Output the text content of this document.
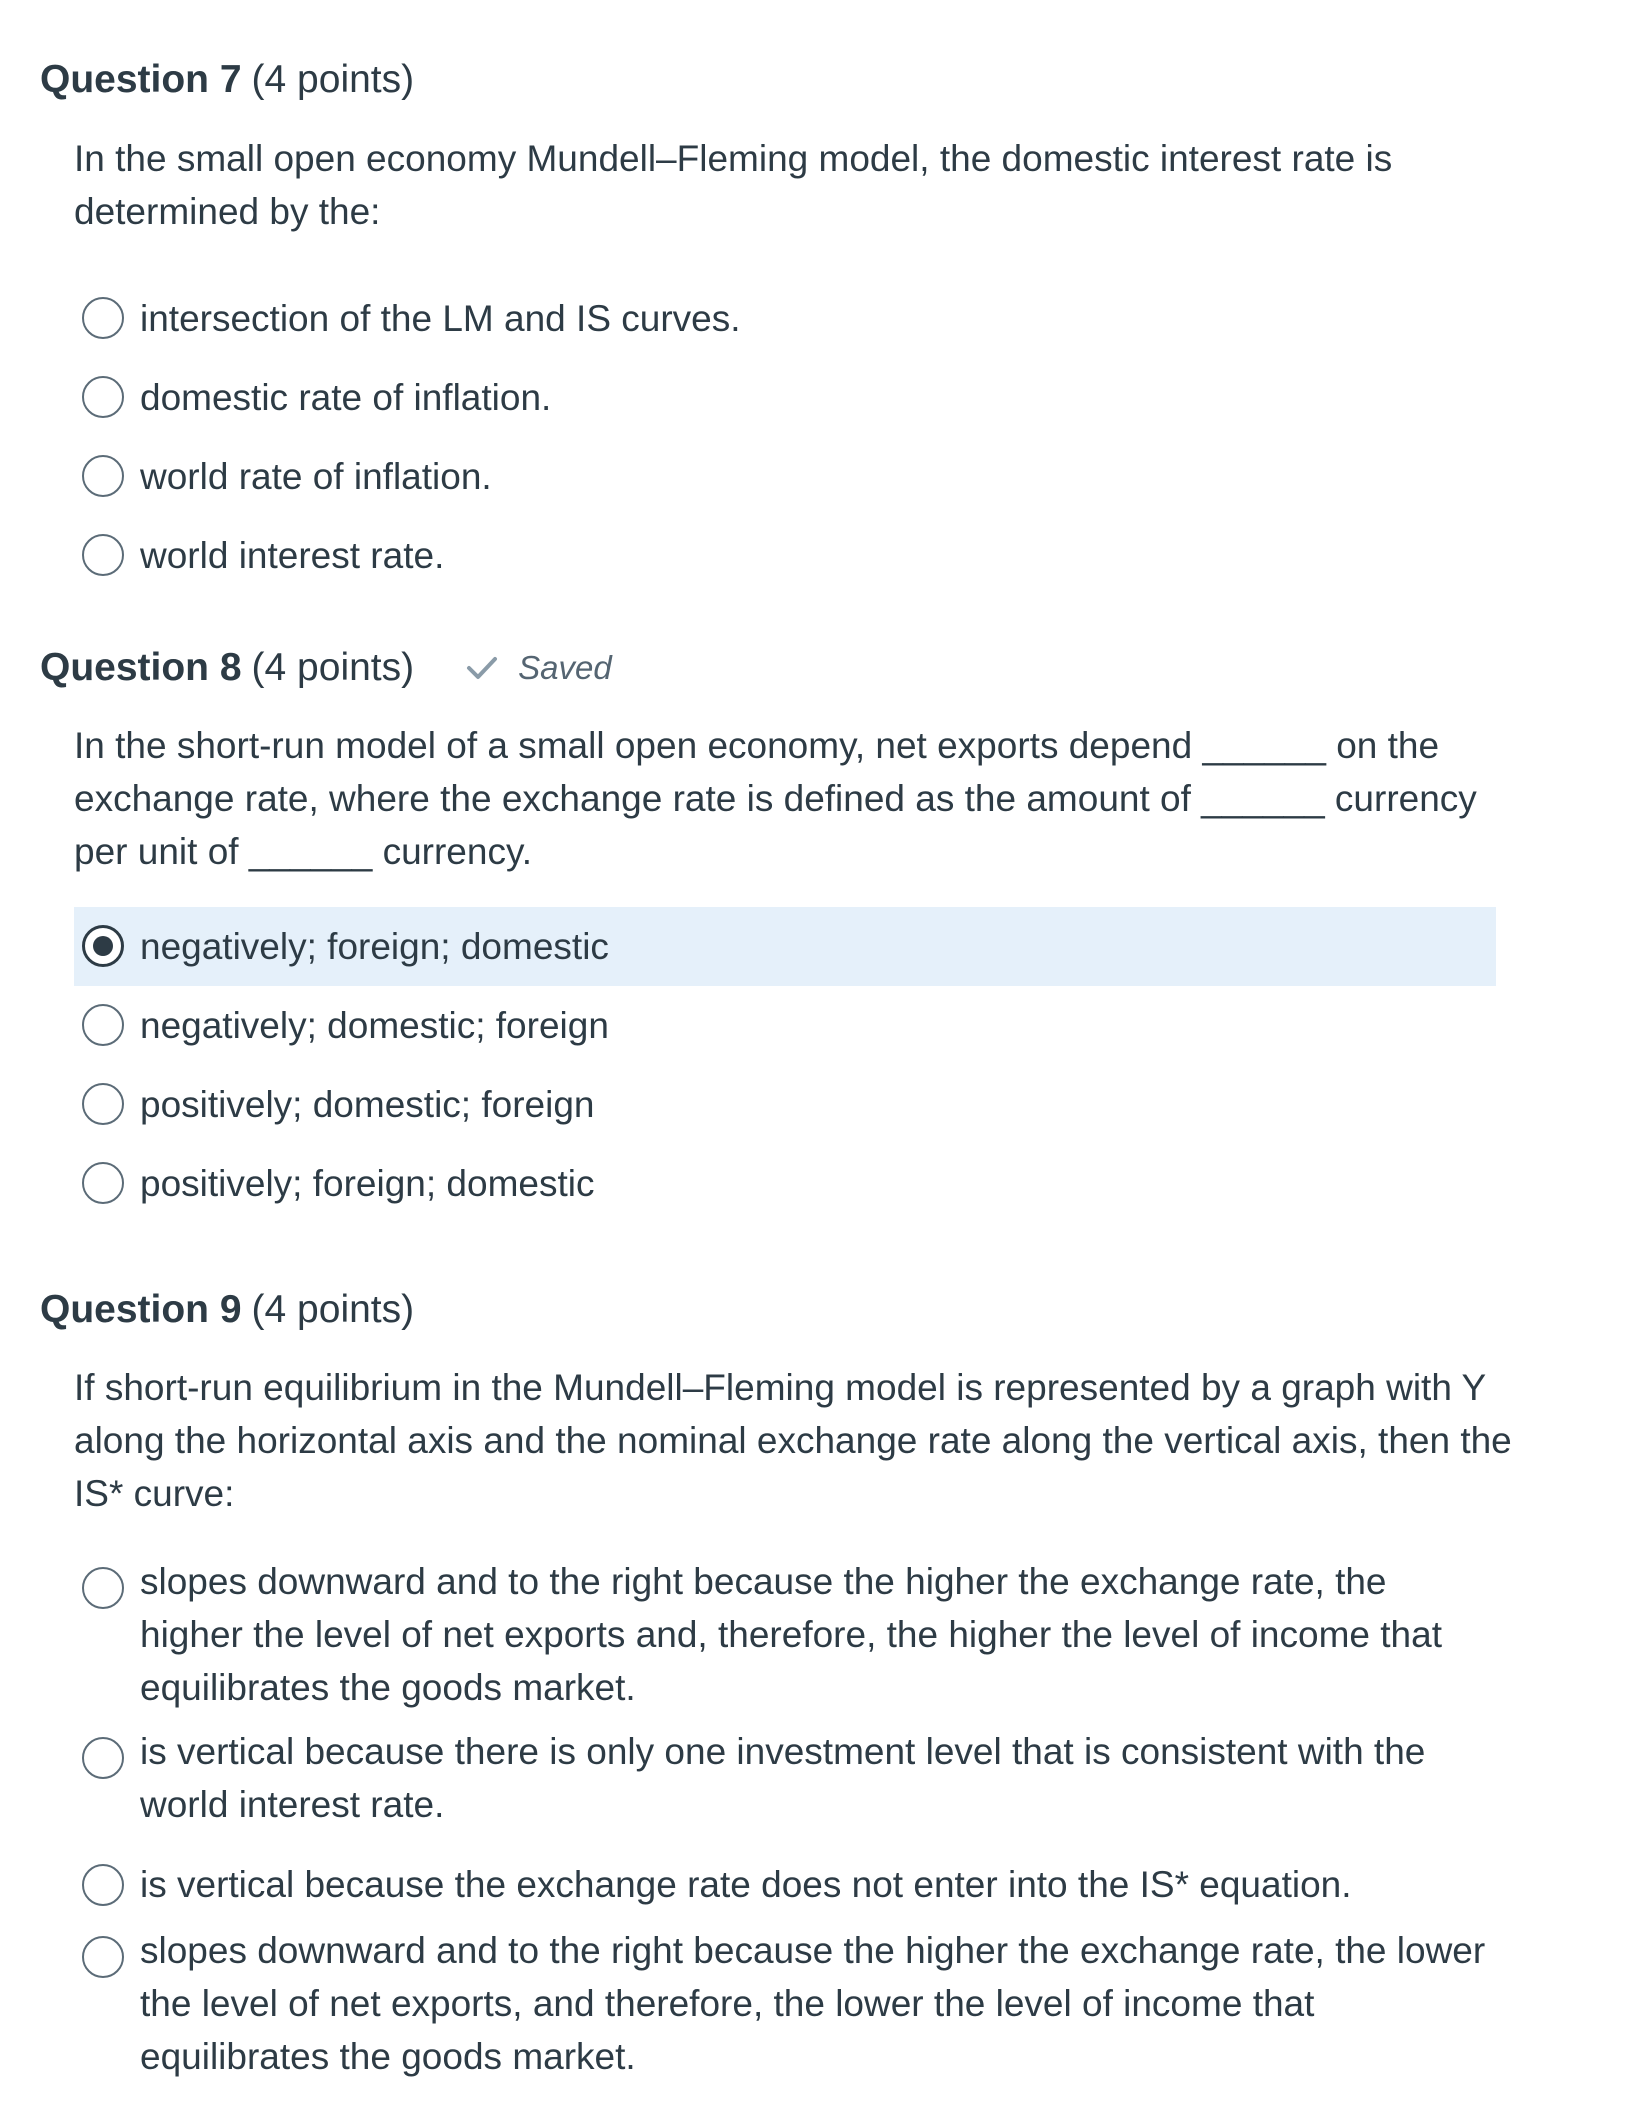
Question 7 (4 points)

In the small open economy Mundell–Fleming model, the domestic interest rate is determined by the:

intersection of the LM and IS curves.
domestic rate of inflation.
world rate of inflation.
world interest rate.
Question 8 (4 points)	Saved

In the short-run model of a small open economy, net exports depend ______ on the exchange rate, where the exchange rate is defined as the amount of ______ currency per unit of ______ currency.

negatively; foreign; domestic
negatively; domestic; foreign
positively; domestic; foreign
positively; foreign; domestic
Question 9 (4 points)

If short-run equilibrium in the Mundell–Fleming model is represented by a graph with Y along the horizontal axis and the nominal exchange rate along the vertical axis, then the IS* curve:

slopes downward and to the right because the higher the exchange rate, the higher the level of net exports and, therefore, the higher the level of income that equilibrates the goods market.
is vertical because there is only one investment level that is consistent with the world interest rate.
is vertical because the exchange rate does not enter into the IS* equation.
slopes downward and to the right because the higher the exchange rate, the lower the level of net exports, and therefore, the lower the level of income that equilibrates the goods market.
